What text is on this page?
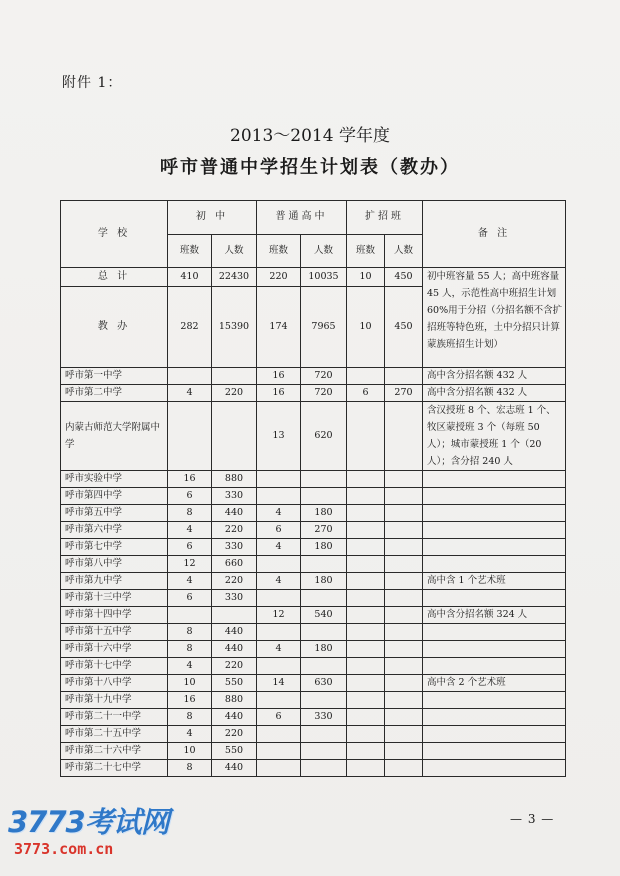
附件 1：
2013～2014 学年度
呼市普通中学招生计划表（教办）
学 校	初 中		普通高中		扩招班		备 注
	班数	人数	班数	人数	班数	人数	
总 计	410	22430	220	10035	10	450	初中班容量 55 人；高中班容量 45 人，示范性高中班招生计划 60%用于分招（分招名额不含扩招班等特色班，土中分招只计算蒙族班招生计划）
教 办	282	15390	174	7965	10	450	
呼市第一中学			16	720			高中含分招名额 432 人
呼市第二中学	4	220	16	720	6	270	高中含分招名额 432 人
内蒙古师范大学附属中学			13	620			含汉授班 8 个、宏志班 1 个、牧区蒙授班 3 个（每班 50 人）；城市蒙授班 1 个（20 人）；含分招 240 人
呼市实验中学	16	880					
呼市第四中学	6	330					
呼市第五中学	8	440	4	180			
呼市第六中学	4	220	6	270			
呼市第七中学	6	330	4	180			
呼市第八中学	12	660					
呼市第九中学	4	220	4	180			高中含 1 个艺术班
呼市第十三中学	6	330					
呼市第十四中学			12	540			高中含分招名额 324 人
呼市第十五中学	8	440					
呼市第十六中学	8	440	4	180			
呼市第十七中学	4	220					
呼市第十八中学	10	550	14	630			高中含 2 个艺术班
呼市第十九中学	16	880					
呼市第二十一中学	8	440	6	330			
呼市第二十五中学	4	220					
呼市第二十六中学	10	550					
呼市第二十七中学	8	440					
— 3 —
3773考试网
3773.com.cn
